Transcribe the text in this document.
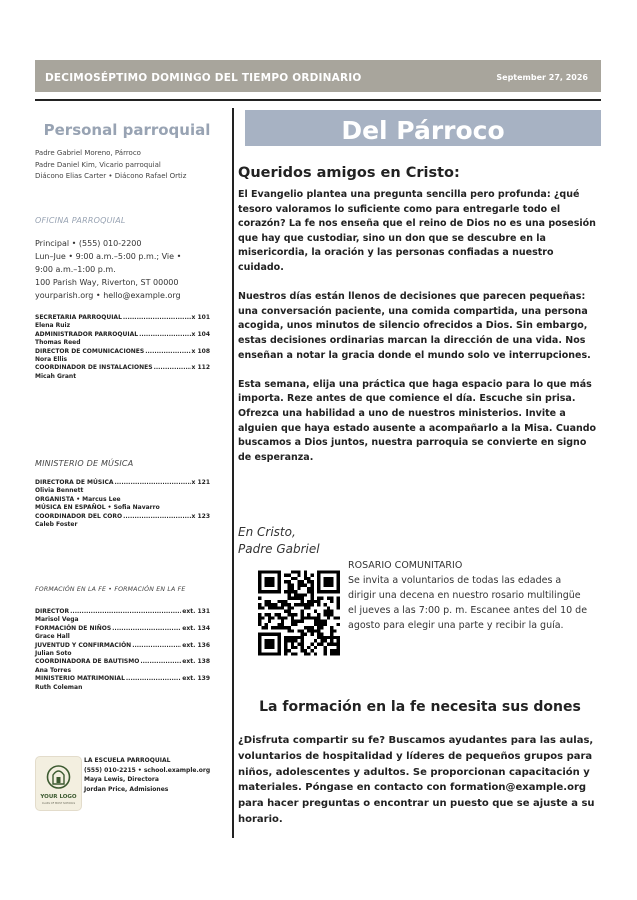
DECIMOSÉPTIMO DOMINGO DEL TIEMPO ORDINARIO	September 27, 2026
Personal parroquial
Padre Gabriel Moreno, Párroco
Padre Daniel Kim, Vicario parroquial
Diácono Elias Carter • Diácono Rafael Ortiz
OFICINA PARROQUIAL
Principal • (555) 010-2200
Lun–Jue • 9:00 a.m.–5:00 p.m.; Vie •
9:00 a.m.–1:00 p.m.
100 Parish Way, Riverton, ST 00000
yourparish.org • hello@example.org
SECRETARIA PARROQUIAL .....	x 101
Elena Ruiz
ADMINISTRADOR PARROQUIAL .....	x 104
Thomas Reed
DIRECTOR DE COMUNICACIONES .....	x 108
Nora Ellis
COORDINADOR DE INSTALACIONES .....	x 112
Micah Grant
MINISTERIO DE MÚSICA
DIRECTORA DE MÚSICA .....	x 121
Olivia Bennett
ORGANISTA • Marcus Lee
MÚSICA EN ESPAÑOL • Sofia Navarro
COORDINADOR DEL CORO .....	x 123
Caleb Foster
FORMACIÓN EN LA FE • FORMACIÓN EN LA FE
DIRECTOR .....	ext. 131
Marisol Vega
FORMACIÓN DE NIÑOS .....	ext. 134
Grace Hall
JUVENTUD Y CONFIRMACIÓN .....	ext. 136
Julian Soto
COORDINADORA DE BAUTISMO .....	ext. 138
Ana Torres
MINISTERIO MATRIMONIAL .....	ext. 139
Ruth Coleman
YOUR LOGO
CLASS OF MOST SCHOOLS
LA ESCUELA PARROQUIAL
(555) 010-2215 • school.example.org
Maya Lewis, Directora
Jordan Price, Admisiones
Del Párroco
Queridos amigos en Cristo:

El Evangelio plantea una pregunta sencilla pero profunda: ¿qué tesoro valoramos lo suficiente como para entregarle todo el corazón? La fe nos enseña que el reino de Dios no es una posesión que hay que custodiar, sino un don que se descubre en la misericordia, la oración y las personas confiadas a nuestro cuidado.

Nuestros días están llenos de decisiones que parecen pequeñas: una conversación paciente, una comida compartida, una persona
acogida, unos minutos de silencio ofrecidos a Dios. Sin embargo,
estas decisiones ordinarias marcan la dirección de una vida. Nos enseñan a notar la gracia donde el mundo solo ve interrupciones.

Esta semana, elija una práctica que haga espacio para lo que más importa. Reze antes de que comience el día. Escuche sin prisa. Ofrezca una habilidad a uno de nuestros ministerios. Invite a alguien que haya estado ausente a acompañarlo a la Misa. Cuando buscamos a Dios juntos, nuestra parroquia se convierte en signo de esperanza.

En Cristo,
Padre Gabriel
ROSARIO COMUNITARIO
Se invita a voluntarios de todas las edades a dirigir una decena en nuestro rosario multilingüe el jueves a las 7:00 p. m. Escanee antes del 10 de agosto para elegir una parte y recibir la guía.
La formación en la fe necesita sus dones
¿Disfruta compartir su fe? Buscamos ayudantes para las aulas, voluntarios de hospitalidad y líderes de pequeños grupos para niños, adolescentes y adultos. Se proporcionan capacitación y materiales. Póngase en contacto con formation@example.org para hacer preguntas o encontrar un puesto que se ajuste a su horario.
